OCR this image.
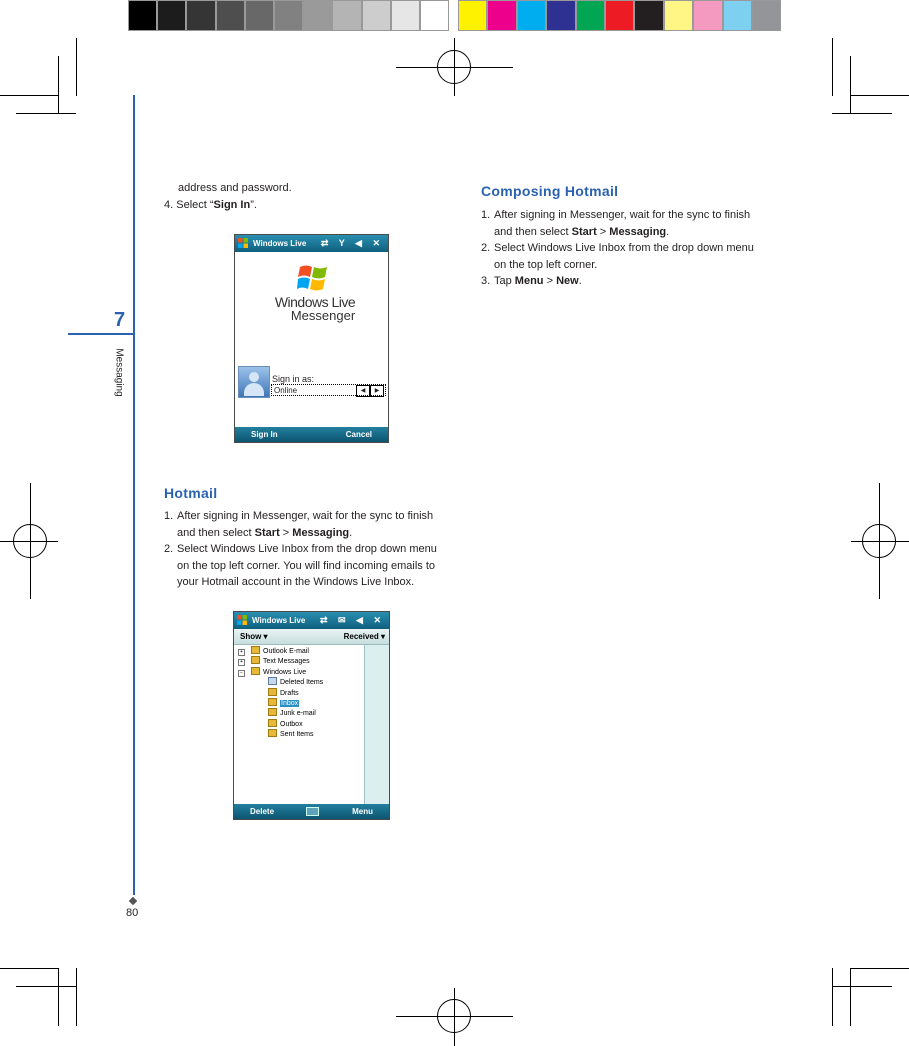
7
Messaging
80
address and password.
4. Select “Sign In”.
Windows Live ⇄ Y ◀ ✕
Windows Live
Messenger
Sign in as:
Online	◀	▶
Sign In	Cancel
Hotmail
1. After signing in Messenger, wait for the sync to finish
and then select Start > Messaging.
2. Select Windows Live Inbox from the drop down menu
on the top left corner. You will find incoming emails to
your Hotmail account in the Windows Live Inbox.
Windows Live ⇄ ✉ ◀ ✕
Show ▾	Received ▾
+	Outlook E-mail
+	Text Messages
−	Windows Live
Deleted Items
Drafts
Inbox
Junk e-mail
Outbox
Sent Items
Delete	Menu
Composing Hotmail
1. After signing in Messenger, wait for the sync to finish
and then select Start > Messaging.
2. Select Windows Live Inbox from the drop down menu
on the top left corner.
3. Tap Menu > New.
